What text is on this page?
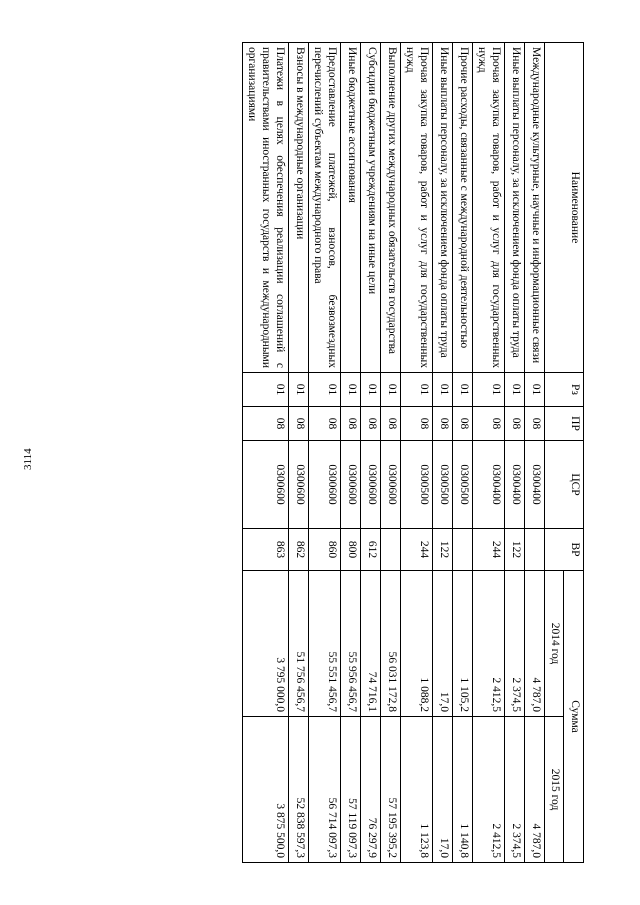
3114
Наименование	Рз	ПР	ЦСР	ВР	Сумма	
					2014 год	2015 год
Международные культурные, научные и информационные связи	01	08	0300400		4 787,0	4 787,0
Иные выплаты персоналу, за исключением фонда оплаты труда	01	08	0300400	122	2 374,5	2 374,5
Прочая закупка товаров, работ и услуг для государственных нужд	01	08	0300400	244	2 412,5	2 412,5
Прочие расходы, связанные с международной деятельностью	01	08	0300500		1 105,2	1 140,8
Иные выплаты персоналу, за исключением фонда оплаты труда	01	08	0300500	122	17,0	17,0
Прочая закупка товаров, работ и услуг для государственных нужд	01	08	0300500	244	1 088,2	1 123,8
Выполнение других международных обязательств государства	01	08	0300600		56 031 172,8	57 195 395,2
Субсидии бюджетным учреждениям на иные цели	01	08	0300600	612	74 716,1	76 297,9
Иные бюджетные ассигнования	01	08	0300600	800	55 956 456,7	57 119 097,3
Предоставление платежей, взносов, безвозмездных перечислений субъектам международного права	01	08	0300600	860	55 551 456,7	56 714 097,3
Взносы в международные организации	01	08	0300600	862	51 756 456,7	52 838 597,3
Платежи в целях обеспечения реализации соглашений с правительствами иностранных государств и международными организациями	01	08	0300600	863	3 795 000,0	3 875 500,0
